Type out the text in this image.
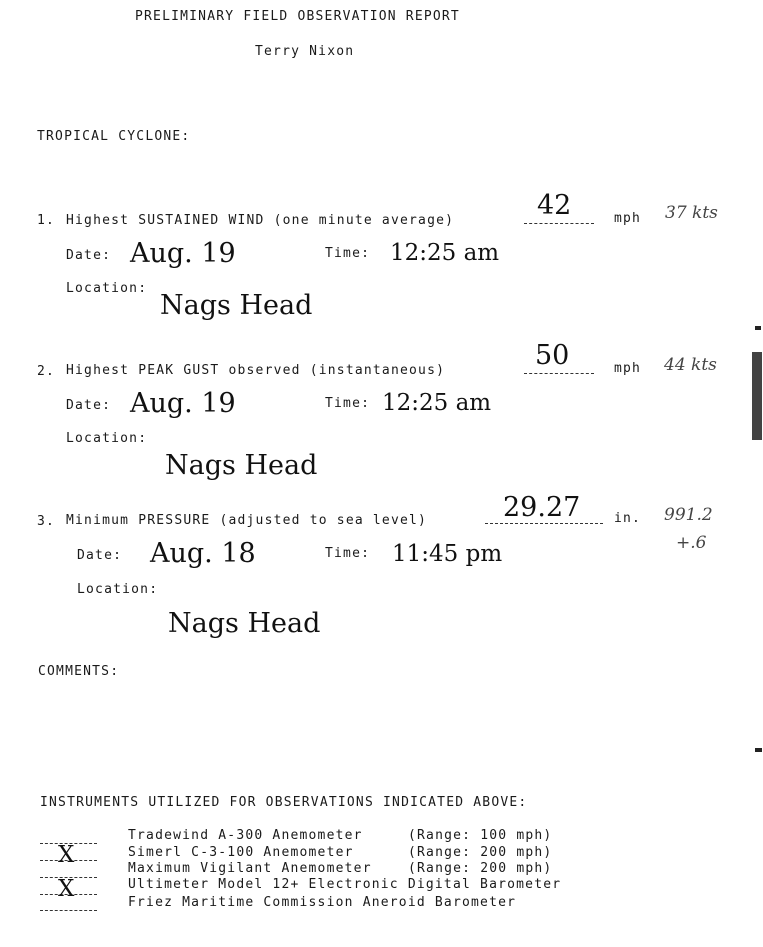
PRELIMINARY FIELD OBSERVATION REPORT
Terry Nixon
TROPICAL CYCLONE:
1. Highest SUSTAINED WIND (one minute average)	42	mph 37 kts
Date: Aug. 19	Time: 12:25 am
Location:
Nags Head
2. Highest PEAK GUST observed (instantaneous)	50	mph 44 kts
Date: Aug. 19	Time: 12:25 am
Location:
Nags Head
3. Minimum PRESSURE (adjusted to sea level)	29.27	in. 991.2
+.6
Date: Aug. 18	Time: 11:45 pm
Location:
Nags Head
COMMENTS:
INSTRUMENTS UTILIZED FOR OBSERVATIONS INDICATED ABOVE:
Tradewind A-300 Anemometer	(Range: 100 mph)
X	Simerl C-3-100 Anemometer	(Range: 200 mph)
Maximum Vigilant Anemometer	(Range: 200 mph)
X	Ultimeter Model 12+ Electronic Digital Barometer
Friez Maritime Commission Aneroid Barometer
